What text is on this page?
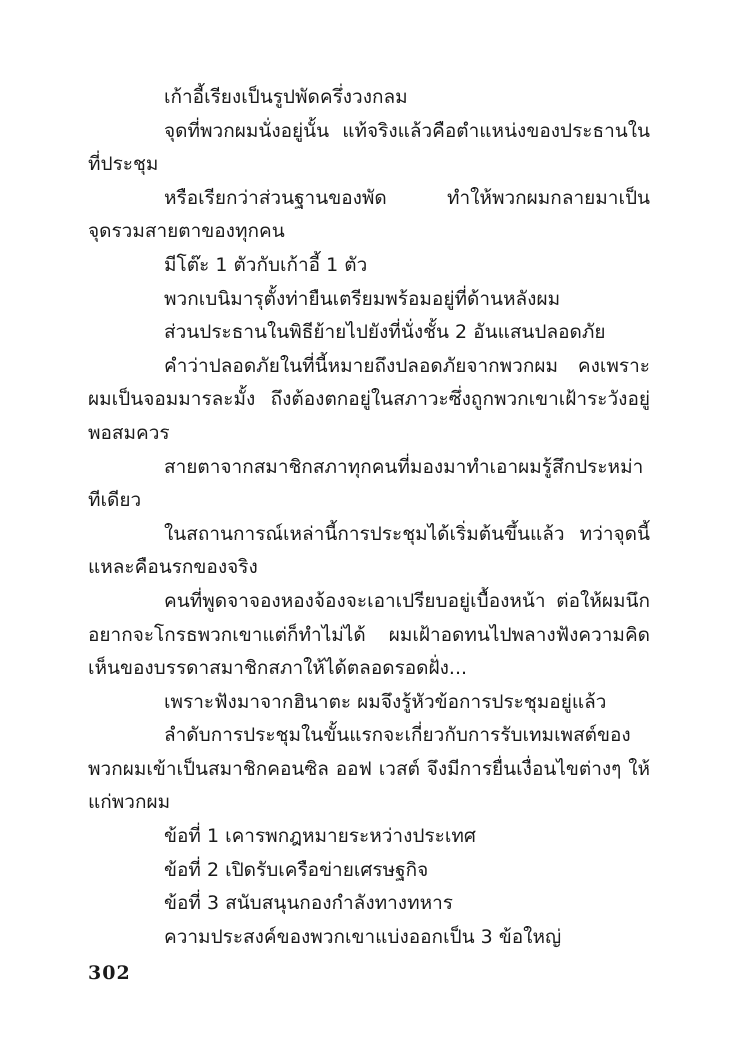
เก้าอี้เรียงเป็นรูปพัดครึ่งวงกลม

จุดที่พวกผมนั่งอยู่นั้น แท้จริงแล้วคือตำแหน่งของประธานในที่ประชุม

หรือเรียกว่าส่วนฐานของพัด ทำให้พวกผมกลายมาเป็นจุดรวมสายตาของทุกคน

มีโต๊ะ 1 ตัวกับเก้าอี้ 1 ตัว

พวกเบนิมารุตั้งท่ายืนเตรียมพร้อมอยู่ที่ด้านหลังผม

ส่วนประธานในพิธีย้ายไปยังที่นั่งชั้น 2 อันแสนปลอดภัย

คำว่าปลอดภัยในที่นี้หมายถึงปลอดภัยจากพวกผม คงเพราะผมเป็นจอมมารละมั้ง ถึงต้องตกอยู่ในสภาวะซึ่งถูกพวกเขาเฝ้าระวังอยู่พอสมควร

สายตาจากสมาชิกสภาทุกคนที่มองมาทำเอาผมรู้สึกประหม่าทีเดียว

ในสถานการณ์เหล่านี้การประชุมได้เริ่มต้นขึ้นแล้ว ทว่าจุดนี้แหละคือนรกของจริง

คนที่พูดจาจองหองจ้องจะเอาเปรียบอยู่เบื้องหน้า ต่อให้ผมนึกอยากจะโกรธพวกเขาแต่ก็ทำไม่ได้ ผมเฝ้าอดทนไปพลางฟังความคิดเห็นของบรรดาสมาชิกสภาให้ได้ตลอดรอดฝั่ง...

เพราะฟังมาจากฮินาตะ ผมจึงรู้หัวข้อการประชุมอยู่แล้ว

ลำดับการประชุมในขั้นแรกจะเกี่ยวกับการรับเทมเพสต์ของพวกผมเข้าเป็นสมาชิกคอนซิล ออฟ เวสต์ จึงมีการยื่นเงื่อนไขต่างๆ ให้แก่พวกผม

ข้อที่ 1 เคารพกฎหมายระหว่างประเทศ

ข้อที่ 2 เปิดรับเครือข่ายเศรษฐกิจ

ข้อที่ 3 สนับสนุนกองกำลังทางทหาร

ความประสงค์ของพวกเขาแบ่งออกเป็น 3 ข้อใหญ่

302
